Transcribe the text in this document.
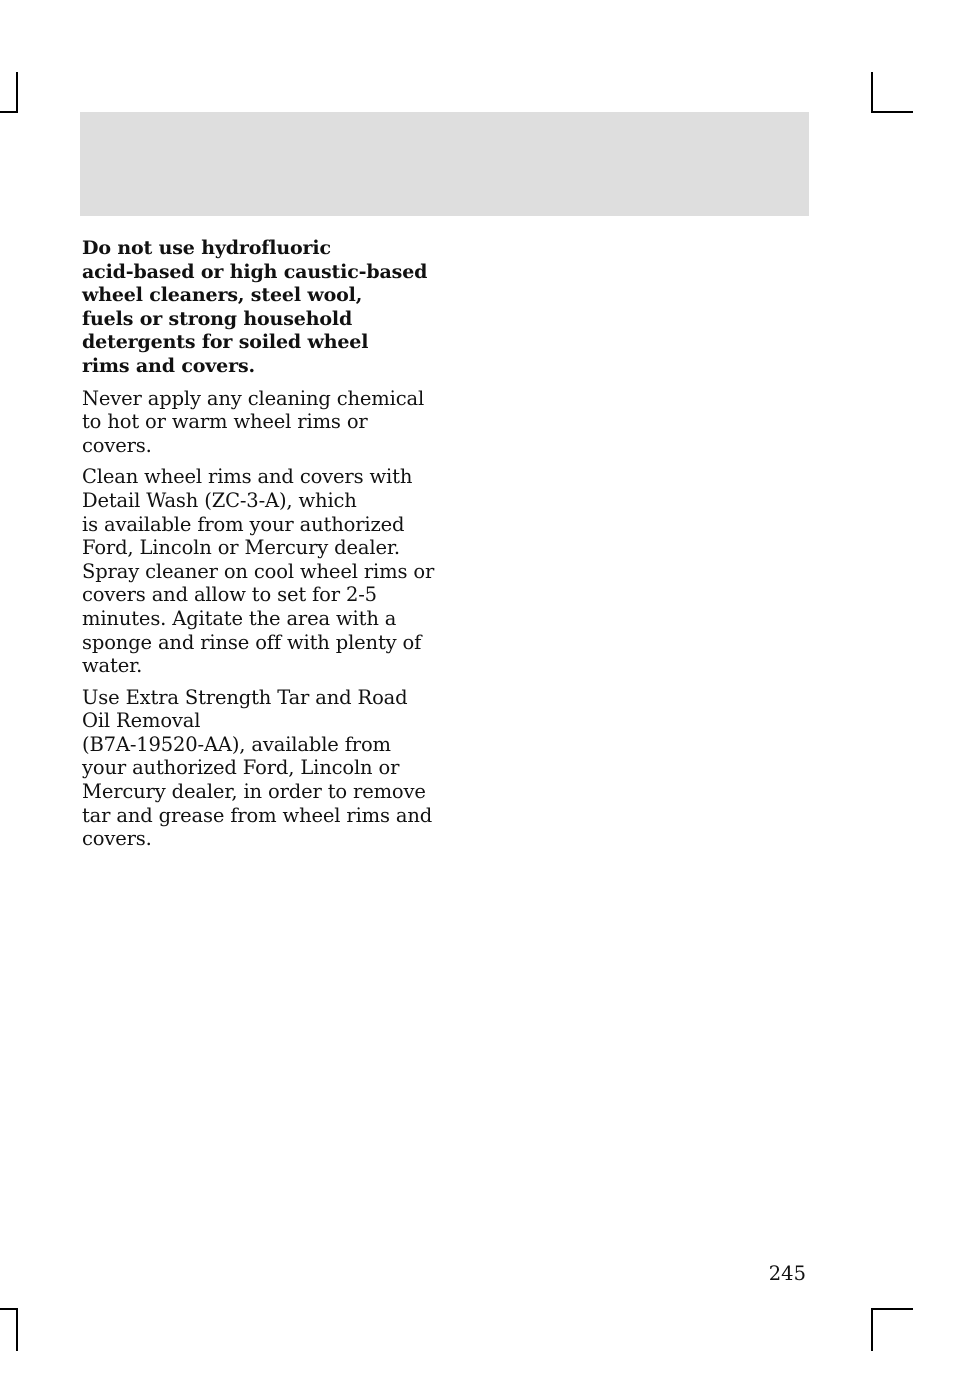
Do not use hydrofluoric
acid-based or high caustic-based
wheel cleaners, steel wool,
fuels or strong household
detergents for soiled wheel
rims and covers.

Never apply any cleaning chemical
to hot or warm wheel rims or
covers.

Clean wheel rims and covers with
Detail Wash (ZC-3-A), which
is available from your authorized
Ford, Lincoln or Mercury dealer.
Spray cleaner on cool wheel rims or
covers and allow to set for 2-5
minutes. Agitate the area with a
sponge and rinse off with plenty of
water.

Use Extra Strength Tar and Road
Oil Removal
(B7A-19520-AA), available from
your authorized Ford, Lincoln or
Mercury dealer, in order to remove
tar and grease from wheel rims and
covers.

245
